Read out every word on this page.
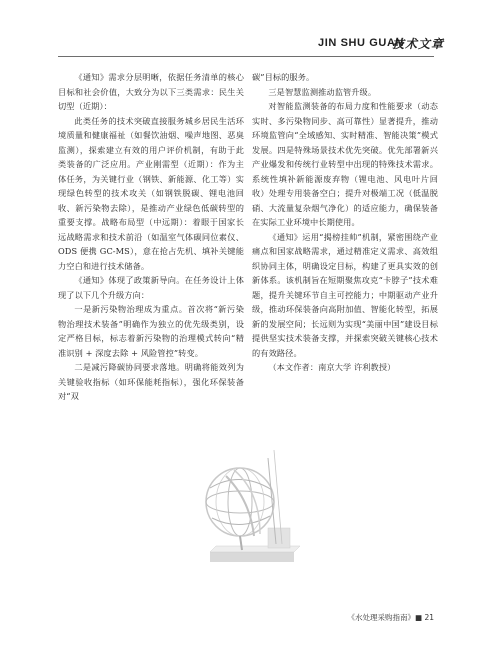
JIN SHU GUAN
技术文章

《通知》需求分层明晰，依据任务清单的核心目标和社会价值，大致分为以下三类需求：民生关切型（近期）：

此类任务的技术突破直接服务城乡居民生活环境质量和健康福祉（如餐饮油烟、噪声地图、恶臭监测），探索建立有效的用户评价机制，有助于此类装备的广泛应用。产业刚需型（近期）：作为主体任务，为关键行业（钢铁、新能源、化工等）实现绿色转型的技术攻关（如钢铁脱碳、锂电池回收、新污染物去除），是推动产业绿色低碳转型的重要支撑。战略布局型（中远期）：着眼于国家长远战略需求和技术前沿（如温室气体碳同位素仪、ODS 便携 GC-MS），意在抢占先机、填补关键能力空白和进行技术储备。

《通知》体现了政策新导向。在任务设计上体现了以下几个升级方向：

一是新污染物治理成为重点。首次将“新污染物治理技术装备”明确作为独立的优先级类别，设定严格目标，标志着新污染物的治理模式转向“精准识别 + 深度去除 + 风险管控”转变。

二是减污降碳协同要求落地。明确将能效列为关键验收指标（如环保能耗指标），强化环保装备对“双

碳”目标的服务。

三是智慧监测推动监管升级。

对智能监测装备的布局力度和性能要求（动态实时、多污染物同步、高可靠性）显著提升，推动环境监管向“全域感知、实时精准、智能决策”模式发展。四是特殊场景技术优先突破。优先部署新兴产业爆发和传统行业转型中出现的特殊技术需求。系统性填补新能源废弃物（锂电池、风电叶片回收）处理专用装备空白；提升对极端工况（低温脱硝、大流量复杂烟气净化）的适应能力，确保装备在实际工业环境中长期使用。

《通知》运用“揭榜挂帅”机制，紧密围绕产业痛点和国家战略需求，通过精准定义需求、高效组织协同主体，明确设定目标，构建了更具实效的创新体系。该机制旨在短期聚焦攻克“卡脖子”技术难题，提升关键环节自主可控能力；中期驱动产业升级，推动环保装备向高附加值、智能化转型，拓展新的发展空间；长远则为实现“美丽中国”建设目标提供坚实技术装备支撑，并探索突破关键核心技术的有效路径。

（本文作者：南京大学 许利教授）

《水处理采购指南》■ 21
